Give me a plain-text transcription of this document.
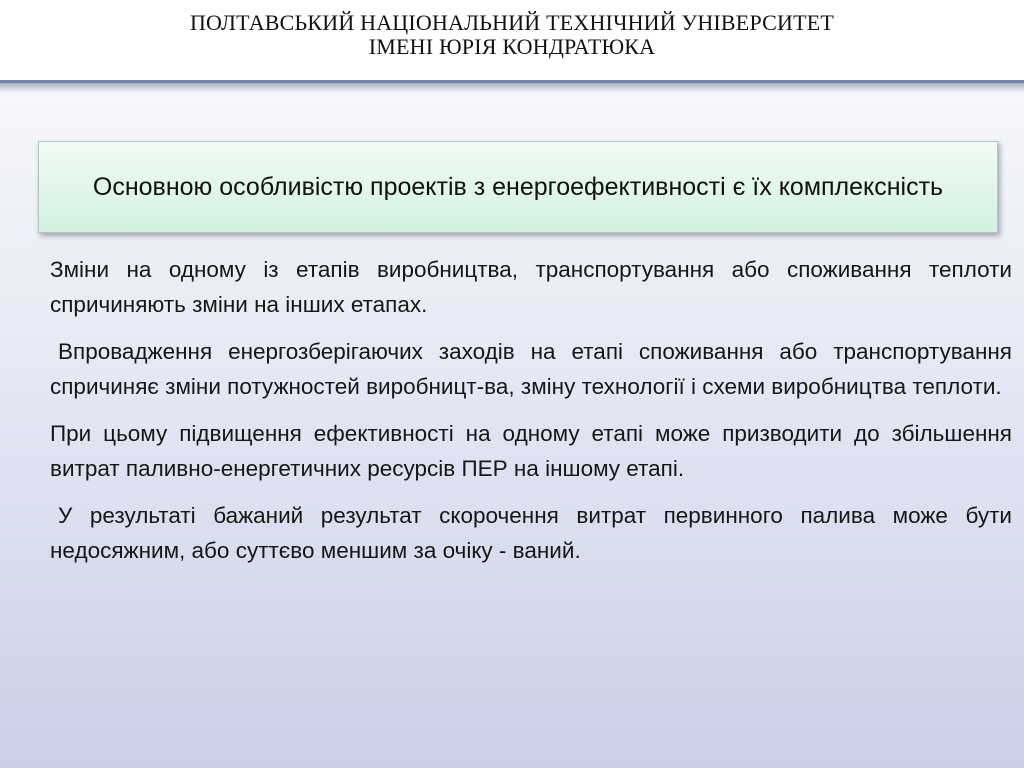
ПОЛТАВСЬКИЙ НАЦІОНАЛЬНИЙ ТЕХНІЧНИЙ УНІВЕРСИТЕТ
ІМЕНІ ЮРІЯ КОНДРАТЮКА
Основною особливістю проектів з енергоефективності є їх комплексність

Зміни на одному із етапів виробництва, транспортування або споживання теплоти спричиняють зміни на інших етапах.

Впровадження енергозберігаючих заходів на етапі споживання або транспортування спричиняє зміни потужностей виробницт-ва, зміну технології і схеми виробництва теплоти.

При цьому підвищення ефективності на одному етапі може призводити до збільшення витрат паливно-енергетичних ресурсів ПЕР на іншому етапі.

У результаті бажаний результат скорочення витрат первинного палива може бути недосяжним, або суттєво меншим за очіку - ваний.
